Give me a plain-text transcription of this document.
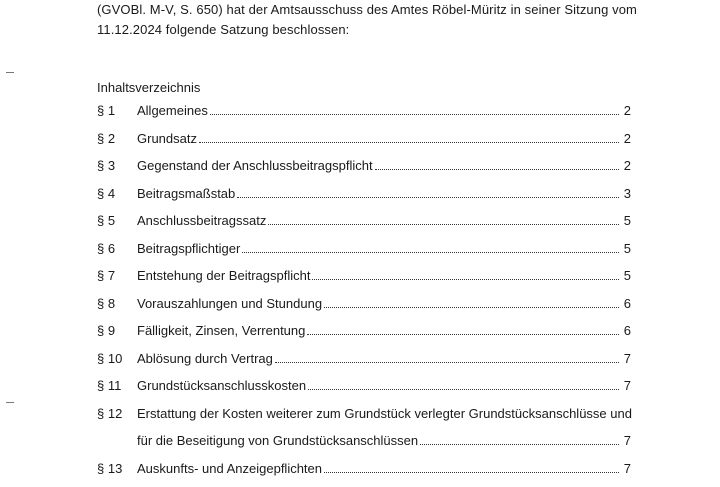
(GVOBl. M-V, S. 650) hat der Amtsausschuss des Amtes Röbel-Müritz in seiner Sitzung vom
11.12.2024 folgende Satzung beschlossen:
Inhaltsverzeichnis
§ 1	Allgemeines	2
§ 2	Grundsatz	2
§ 3	Gegenstand der Anschlussbeitragspflicht	2
§ 4	Beitragsmaßstab	3
§ 5	Anschlussbeitragssatz	5
§ 6	Beitragspflichtiger	5
§ 7	Entstehung der Beitragspflicht	5
§ 8	Vorauszahlungen und Stundung	6
§ 9	Fälligkeit, Zinsen, Verrentung	6
§ 10	Ablösung durch Vertrag	7
§ 11	Grundstücksanschlusskosten	7
§ 12	Erstattung der Kosten weiterer zum Grundstück verlegter Grundstücksanschlüsse und
für die Beseitigung von Grundstücksanschlüssen	7
§ 13	Auskunfts- und Anzeigepflichten	7
